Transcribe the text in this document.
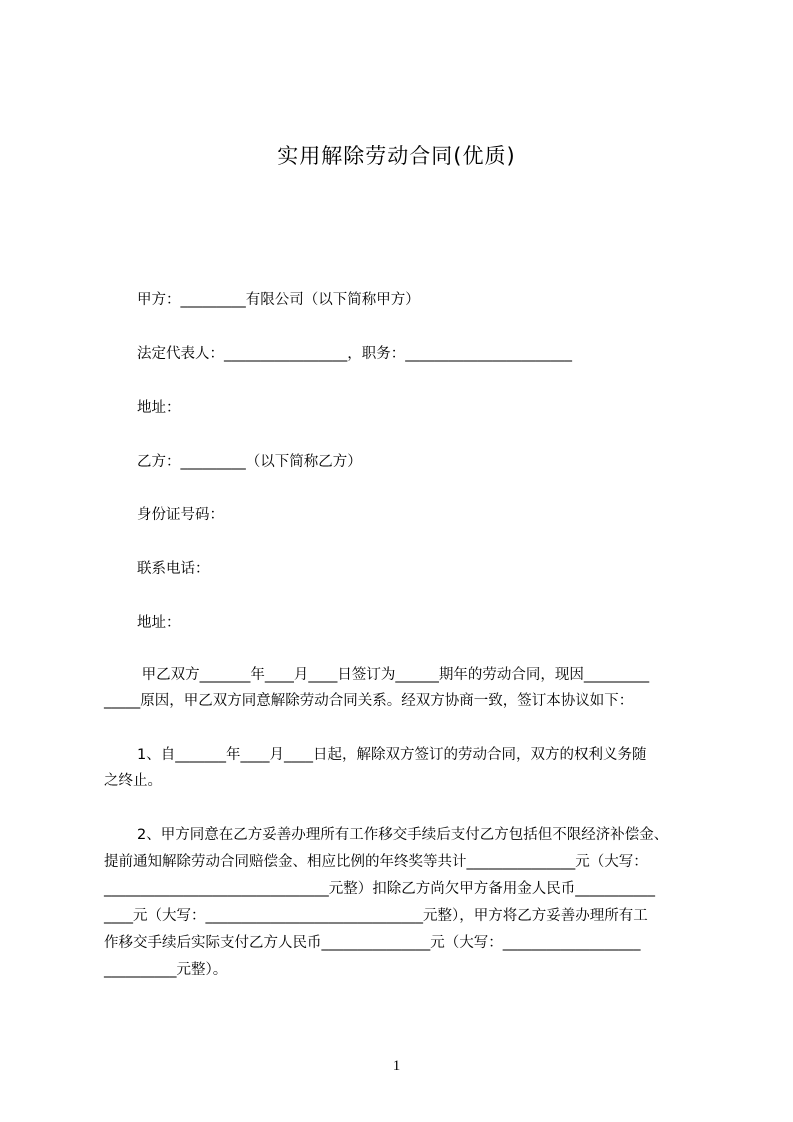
实用解除劳动合同(优质)
甲方：_________有限公司（以下简称甲方）
法定代表人：_________________，职务：_______________________
地址：
乙方：_________（以下简称乙方）
身份证号码：
联系电话：
地址：
甲乙双方_______年____月____日签订为______期年的劳动合同，现因_________
_____原因，甲乙双方同意解除劳动合同关系。经双方协商一致，签订本协议如下：
1、自_______年____月____日起，解除双方签订的劳动合同，双方的权利义务随
之终止。
2、甲方同意在乙方妥善办理所有工作移交手续后支付乙方包括但不限经济补偿金、
提前通知解除劳动合同赔偿金、相应比例的年终奖等共计_______________元（大写：
_______________________________元整）扣除乙方尚欠甲方备用金人民币___________
____元（大写：______________________________元整），甲方将乙方妥善办理所有工
作移交手续后实际支付乙方人民币_______________元（大写：___________________
__________元整）。
1
